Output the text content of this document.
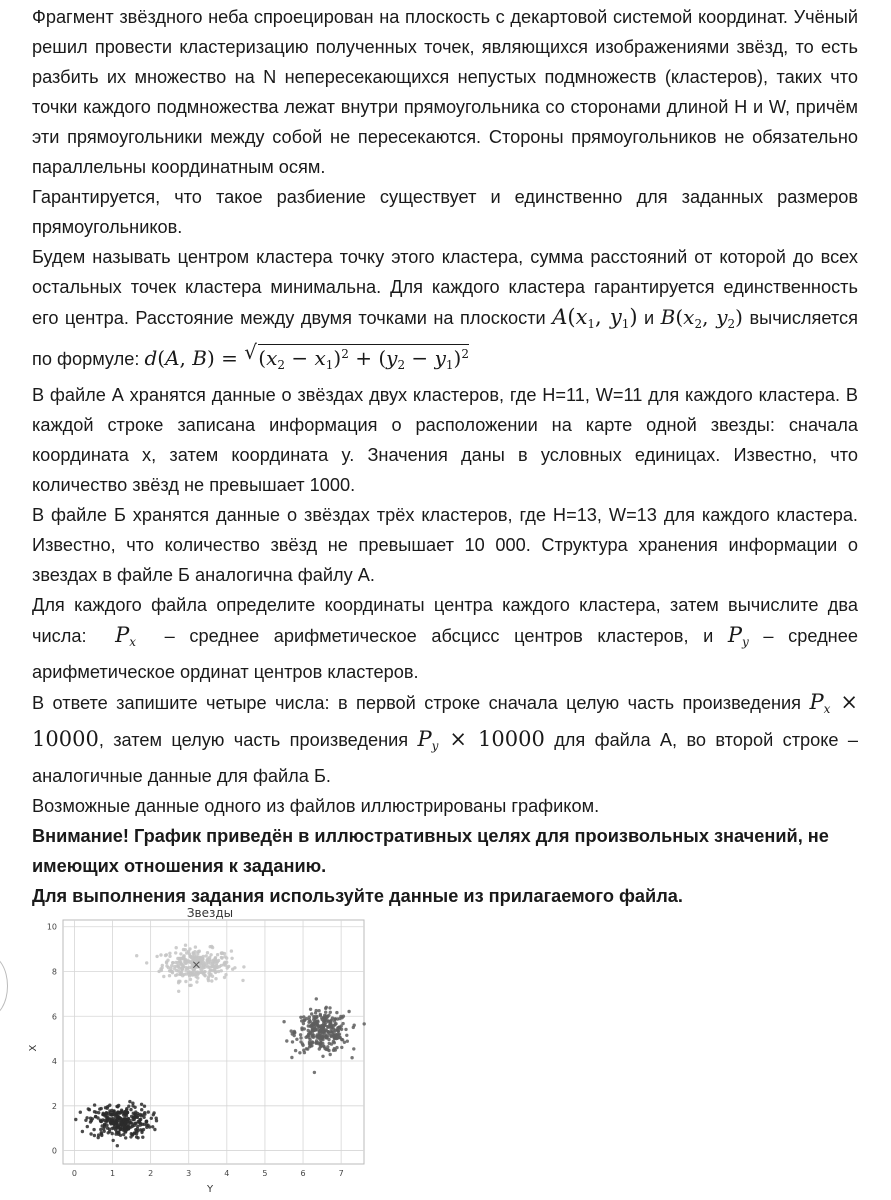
Фрагмент звёздного неба спроецирован на плоскость с декартовой системой координат. Учёный решил провести кластеризацию полученных точек, являющихся изображениями звёзд, то есть разбить их множество на N непересекающихся непустых подмножеств (кластеров), таких что точки каждого подмножества лежат внутри прямоугольника со сторонами длиной H и W, причём эти прямоугольники между собой не пересекаются. Стороны прямоугольников не обязательно параллельны координатным осям.

Гарантируется, что такое разбиение существует и единственно для заданных размеров прямоугольников.

Будем называть центром кластера точку этого кластера, сумма расстояний от которой до всех остальных точек кластера минимальна. Для каждого кластера гарантируется единственность его центра. Расстояние между двумя точками на плоскости $A(x_1$, $y_1$) и $B(x_2$, $y_2$) вычисляется по формуле: d(A, B) = √ $(x_2 - x_1)^2 + (y_2 - y_1)^2$

В файле А хранятся данные о звёздах двух кластеров, где H=11, W=11 для каждого кластера. В каждой строке записана информация о расположении на карте одной звезды: сначала координата x, затем координата y. Значения даны в условных единицах. Известно, что количество звёзд не превышает 1000.

В файле Б хранятся данные о звёздах трёх кластеров, где H=13, W=13 для каждого кластера. Известно, что количество звёзд не превышает 10 000. Структура хранения информации о звездах в файле Б аналогична файлу А.

Для каждого файла определите координаты центра каждого кластера, затем вычислите два числа: $P_x$ – среднее арифметическое абсцисс центров кластеров, и $P_y$ – среднее арифметическое ординат центров кластеров.

В ответе запишите четыре числа: в первой строке сначала целую часть произведения $P_x \times 10000$, затем целую часть произведения $P_y \times 10000$ для файла А, во второй строке – аналогичные данные для файла Б.

Возможные данные одного из файлов иллюстрированы графиком.

Внимание! График приведён в иллюстративных целях для произвольных значений, не имеющих отношения к заданию.

Для выполнения задания используйте данные из прилагаемого файла.

0	1	2	3	4	5	6	7
0
2
4
6
8
10
Звезды
Y
X
